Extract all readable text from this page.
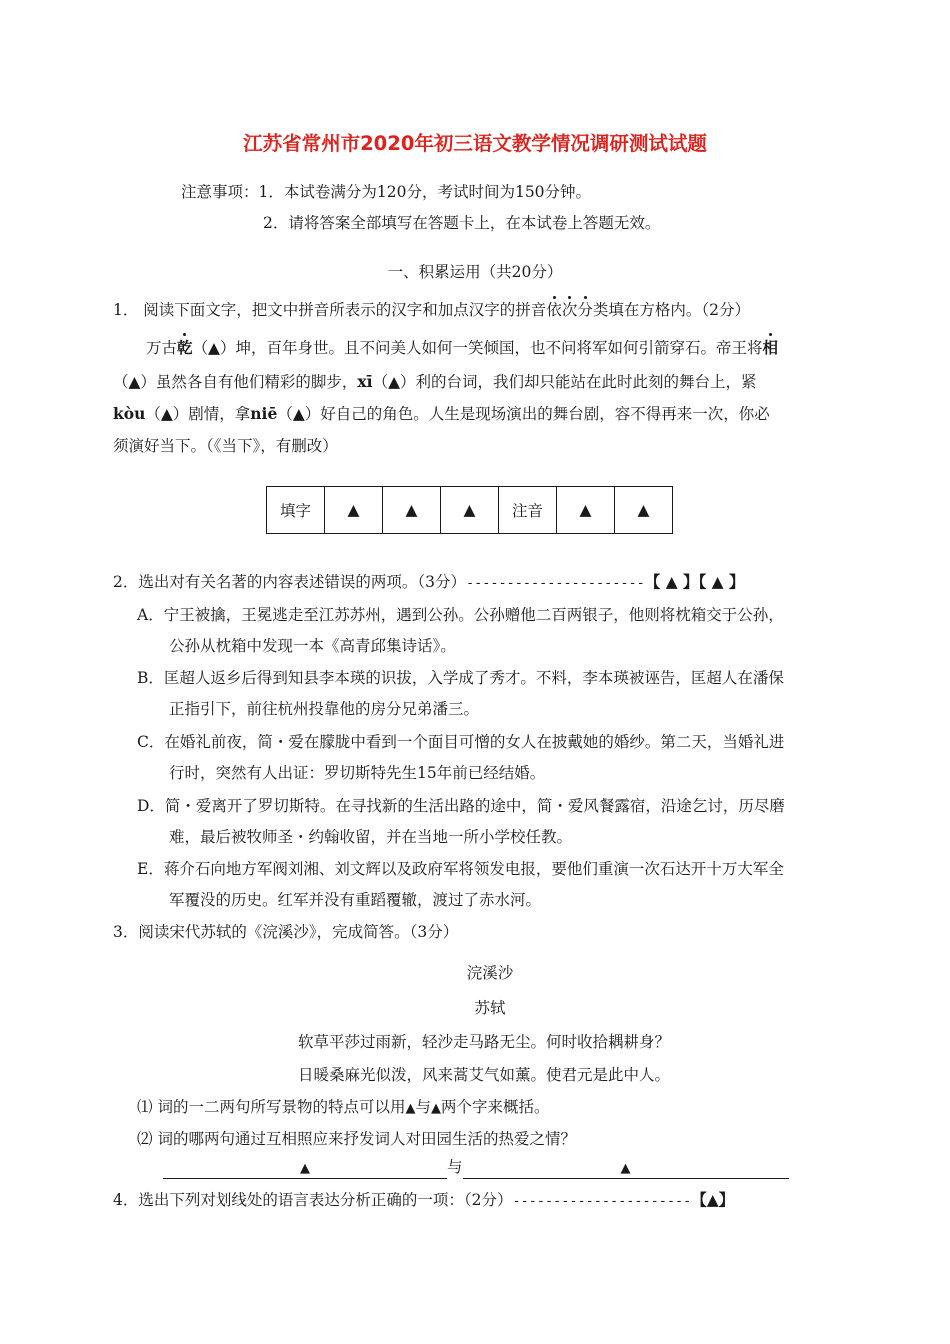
江苏省常州市2020年初三语文教学情况调研测试试题
注意事项：1．本试卷满分为120分，考试时间为150分钟。
2．请将答案全部填写在答题卡上，在本试卷上答题无效。
一、积累运用（共20分）
1． 阅读下面文字，把文中拼音所表示的汉字和加点汉字的拼音依次分类填在方格内。（2分）
万古乾（▲）坤，百年身世。且不问美人如何一笑倾国，也不问将军如何引箭穿石。帝王将相
（▲）虽然各自有他们精彩的脚步，xī（▲）利的台词，我们却只能站在此时此刻的舞台上，紧
kòu（▲）剧情，拿niē（▲）好自己的角色。人生是现场演出的舞台剧，容不得再来一次，你必
须演好当下。（《当下》，有删改）
填字	▲	▲	▲	注音	▲	▲
2．选出对有关名著的内容表述错误的两项。（3分）----------------------【 ▲ 】【 ▲ 】
A．宁王被擒，王冕逃走至江苏苏州，遇到公孙。公孙赠他二百两银子，他则将枕箱交于公孙，
公孙从枕箱中发现一本《高青邱集诗话》。
B．匡超人返乡后得到知县李本瑛的识拔，入学成了秀才。不料，李本瑛被诬告，匡超人在潘保
正指引下，前往杭州投靠他的房分兄弟潘三。
C．在婚礼前夜，简・爱在朦胧中看到一个面目可憎的女人在披戴她的婚纱。第二天，当婚礼进
行时，突然有人出证：罗切斯特先生15年前已经结婚。
D．简・爱离开了罗切斯特。在寻找新的生活出路的途中，简・爱风餐露宿，沿途乞讨，历尽磨
难，最后被牧师圣・约翰收留，并在当地一所小学校任教。
E．蒋介石向地方军阀刘湘、刘文辉以及政府军将领发电报，要他们重演一次石达开十万大军全
军覆没的历史。红军并没有重蹈覆辙，渡过了赤水河。
3．阅读宋代苏轼的《浣溪沙》，完成简答。（3分）
浣溪沙
苏轼
软草平莎过雨新，轻沙走马路无尘。何时收拾耦耕身？
日暖桑麻光似泼，风来蒿艾气如薰。使君元是此中人。
⑴ 词的一二两句所写景物的特点可以用▲与▲两个字来概括。
⑵ 词的哪两句通过互相照应来抒发词人对田园生活的热爱之情？
▲	与	▲
4．选出下列对划线处的语言表达分析正确的一项：（2分）----------------------【▲】
